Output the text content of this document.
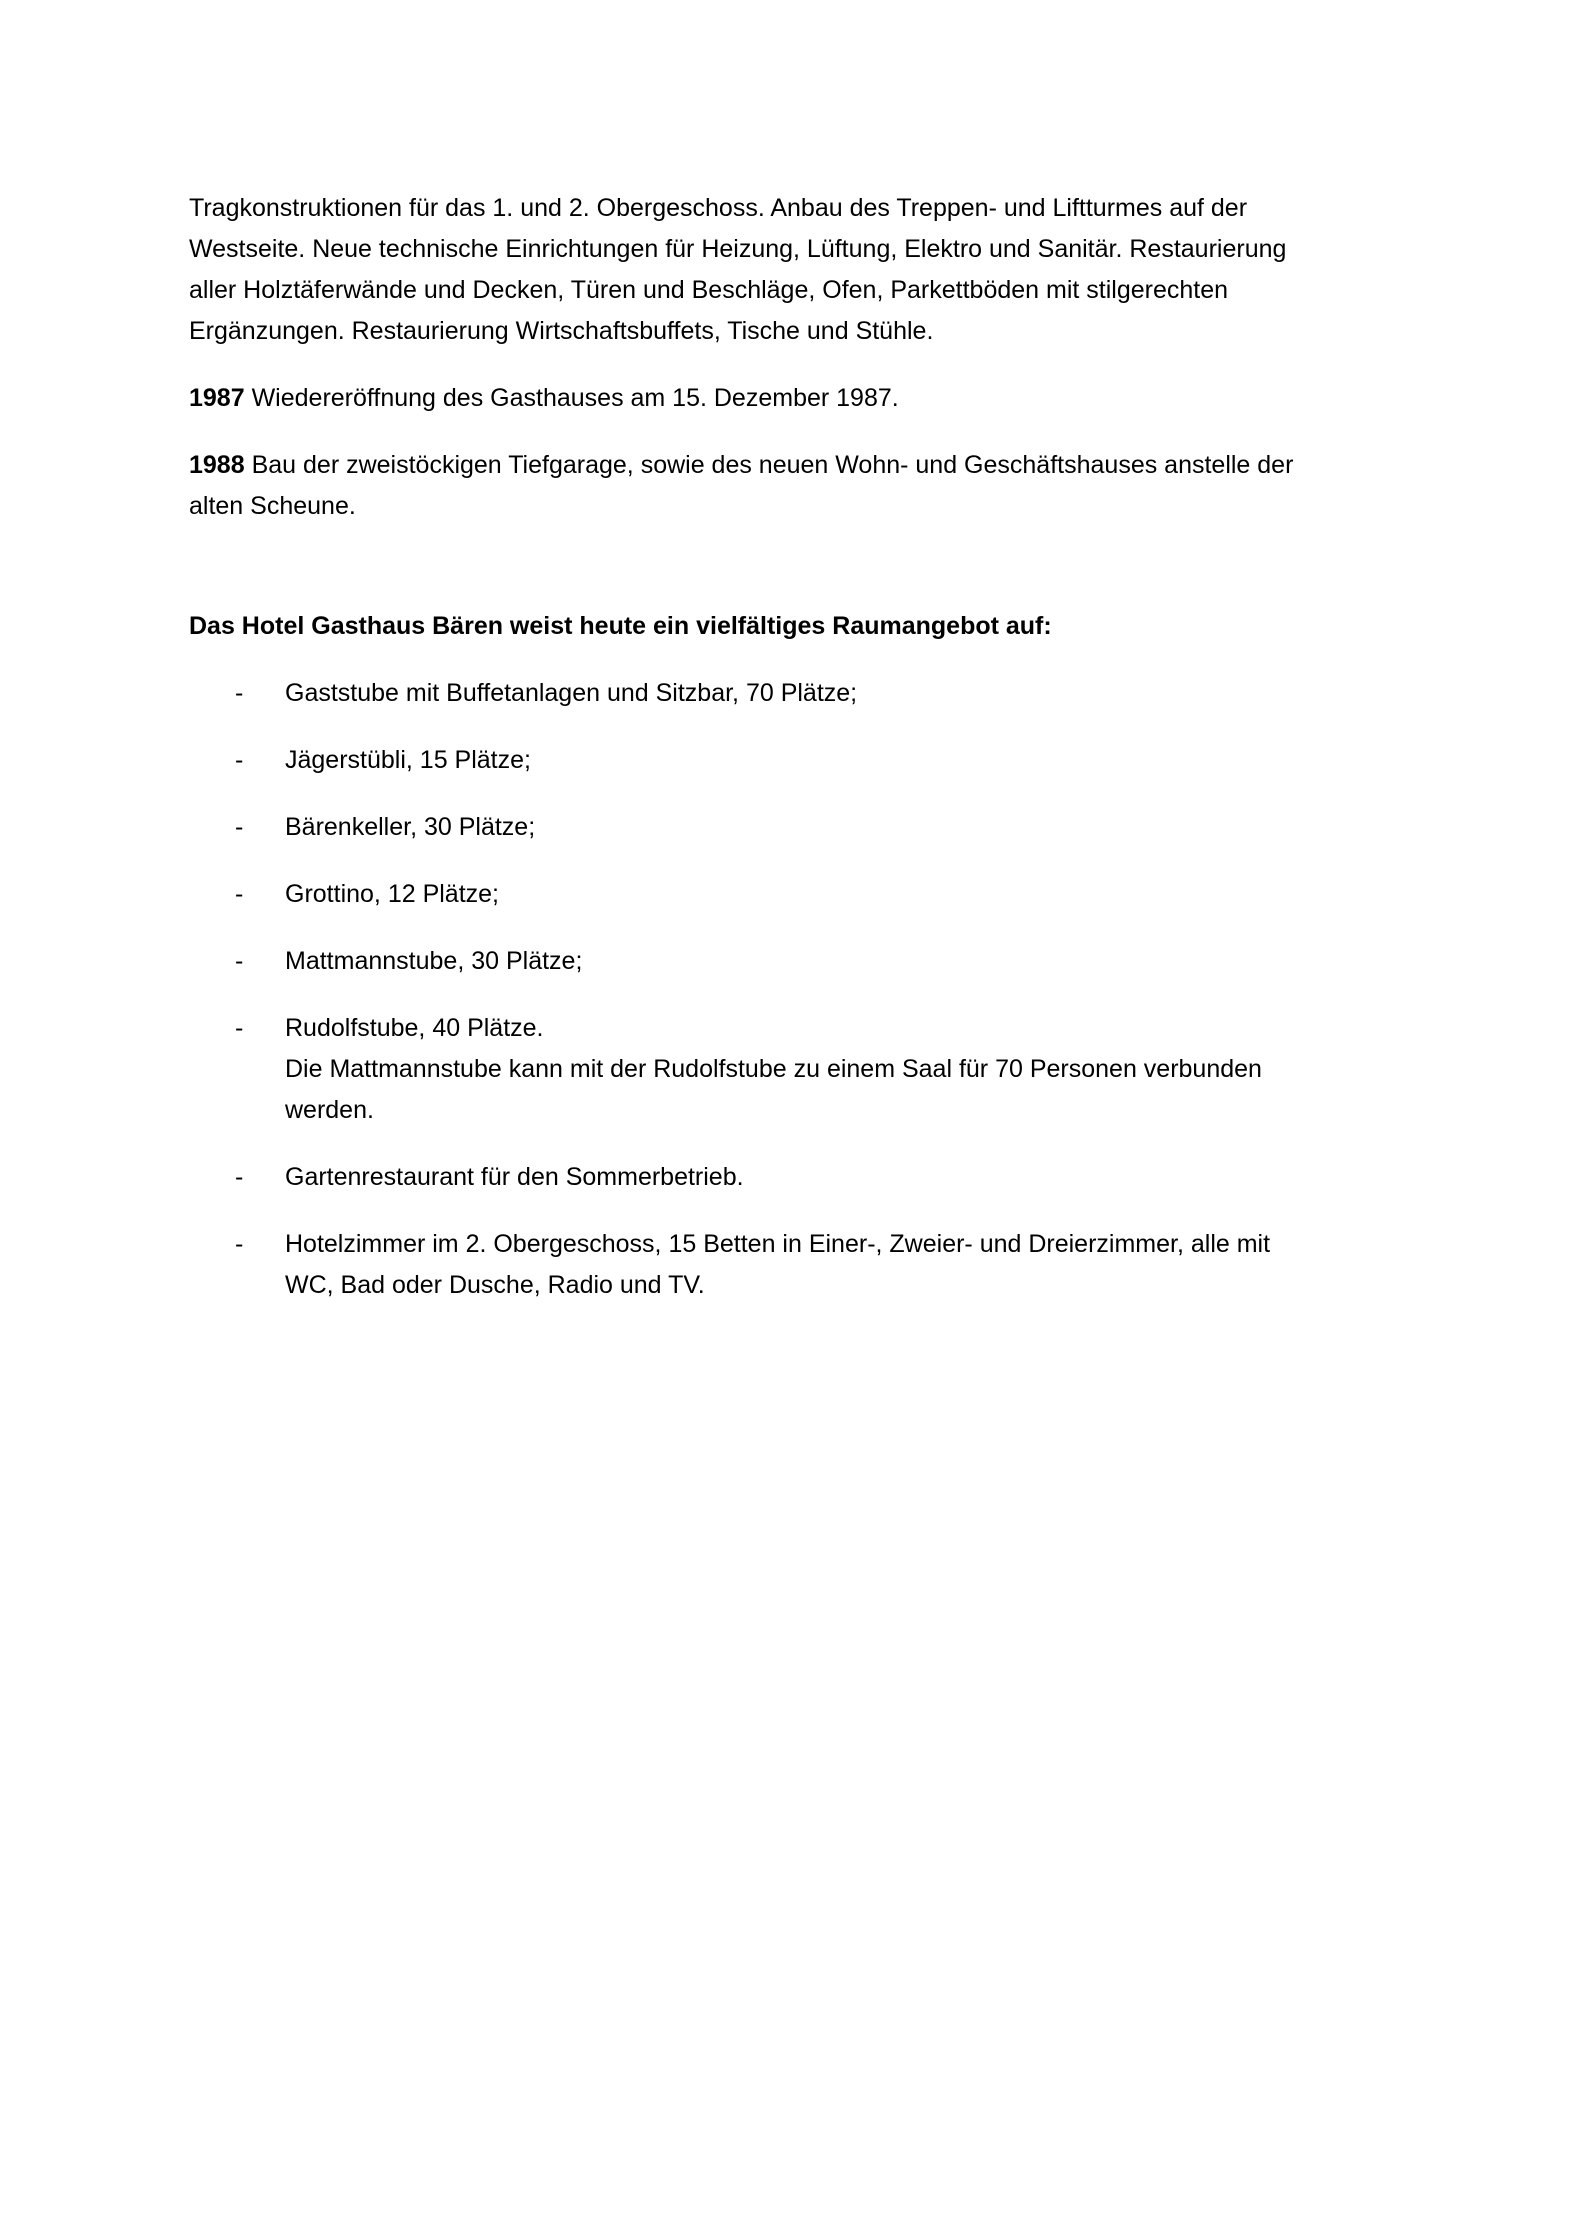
Tragkonstruktionen für das 1. und 2. Obergeschoss. Anbau des Treppen- und Liftturmes auf der
Westseite. Neue technische Einrichtungen für Heizung, Lüftung, Elektro und Sanitär. Restaurierung
aller Holztäferwände und Decken, Türen und Beschläge, Ofen, Parkettböden mit stilgerechten
Ergänzungen. Restaurierung Wirtschaftsbuffets, Tische und Stühle.

1987 Wiedereröffnung des Gasthauses am 15. Dezember 1987.

1988 Bau der zweistöckigen Tiefgarage, sowie des neuen Wohn- und Geschäftshauses anstelle der
alten Scheune.

Das Hotel Gasthaus Bären weist heute ein vielfältiges Raumangebot auf:

- Gaststube mit Buffetanlagen und Sitzbar, 70 Plätze;
- Jägerstübli, 15 Plätze;
- Bärenkeller, 30 Plätze;
- Grottino, 12 Plätze;
- Mattmannstube, 30 Plätze;
- Rudolfstube, 40 Plätze.
Die Mattmannstube kann mit der Rudolfstube zu einem Saal für 70 Personen verbunden
werden.
- Gartenrestaurant für den Sommerbetrieb.
- Hotelzimmer im 2. Obergeschoss, 15 Betten in Einer-, Zweier- und Dreierzimmer, alle mit
WC, Bad oder Dusche, Radio und TV.
